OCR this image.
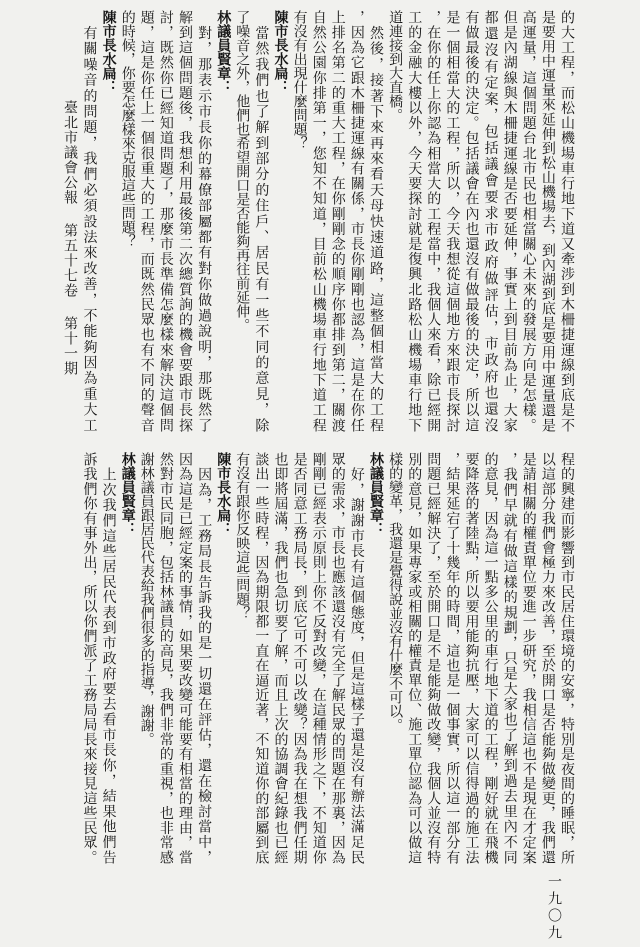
臺北市議會公報第五十七卷第十一期	的大工程，而松山機場車行地下道又牽涉到木柵捷運線到底是不
是要用中運量來延伸到松山機場去，到內湖到底是要用中運量還是
高運量，這個問題台北市民也相當關心未來的發展方向是怎樣。
但是內湖線與木柵捷運線是否要延伸，事實上到目前為止，大家
都還沒有定案，包括議會要求市政府做評估，市政府也還沒
有做最後的決定。包括議會在內也還沒有做最後的決定，所以這
是一個相當大的工程，所以，今天我想從這個地方來跟市長探討
，在你的任上你認為相當大的工程當中，我個人來看，除已經開
工的金融大樓以外，今天要探討就是復興北路松山機場車行地下
道連接到大直橋。
　然後，接著下來再來看天母快速道路，這整個相當大的工程
，因為它跟木柵捷運線有關係，市長你剛剛也認為，這是在你任
上排名第二的重大工程，在你剛剛念的順序你都排到第二，關渡
自然公園你排第一，您知不知道，目前松山機場車行地下道工程
有沒有出現什麼問題？
陳市長水扁：
　當然我們也了解到部分的住戶、居民有一些不同的意見，除
了噪音之外，他們也希望開口是否能夠再往前延伸。
林議員賢章：
　對，那表示市長你的幕僚部屬都有對你做過說明，那既然了
解到這個問題後，我想利用最後第二次總質詢的機會要跟市長探
討，既然你已經知道問題了，那麼市長準備怎麼樣來解決這個問
題，這是你任上一個很重大的工程，而既然民眾也有不同的聲音
的時候，你要怎麼樣來克服這些問題？
陳市長水扁：
　有關噪音的問題，我們必須設法來改善，不能夠因為重大工
程的興建而影響到市民居住環境的安寧，特別是夜間的睡眠，所
以這部分我們會極力來改善，至於開口是否能夠做變更，我們還
是請相關的權責單位要進一步研究，我相信這也不是現在才定案
，我們早就有做這樣的規劃，只是大家也了解到過去里內不同
的意見，因為這一點多公里的車行地下道的工程，剛好就在飛機
要降落的著陸點，所以要用能夠抗壓，大家可以信得過的施工法
，結果延宕了十幾年的時間，這也是一個事實，所以這一部分有
問題已經解決了，至於開口是不是能夠做改變，我個人並沒有特
別的意見，如果專家或相關的權責單位、施工單位認為可以做這
樣的變革，我還是覺得說並沒有什麼不可以。
林議員賢章：
　好，謝謝市長有這個態度，但是這樣子還是沒有辦法滿足民
眾的需求，市長也應該還沒有完全了解民眾的問題在那裏，因為
剛剛已經表示原則上你不反對改變，在這種情形之下，不知道你
是否同意工務局長，到底它可不可以改變？因為我在想我們任期
也即將屆滿，我們也急切要了解，而且上次的協調會紀錄也已經
談出一些時程，因為期限都一直在逼近著，不知道你的部屬到底
有沒有跟你反映這些問題？
陳市長水扁：
　因為，工務局長告訴我的是一切還在評估，還在檢討當中，
因為這是已經定案的事情，如果要改變可能要有相當的理由，當
然對市民同胞，包括林議員的高見，我們非常的重視，也非常感
謝林議員跟居民代表給我們很多的指導，謝謝。
林議員賢章：
　上次我們這些居民代表到市政府要去看市長你，結果他們告
訴我們你有事外出，所以你們派了工務局局長來接見這些民眾。
一九〇九
